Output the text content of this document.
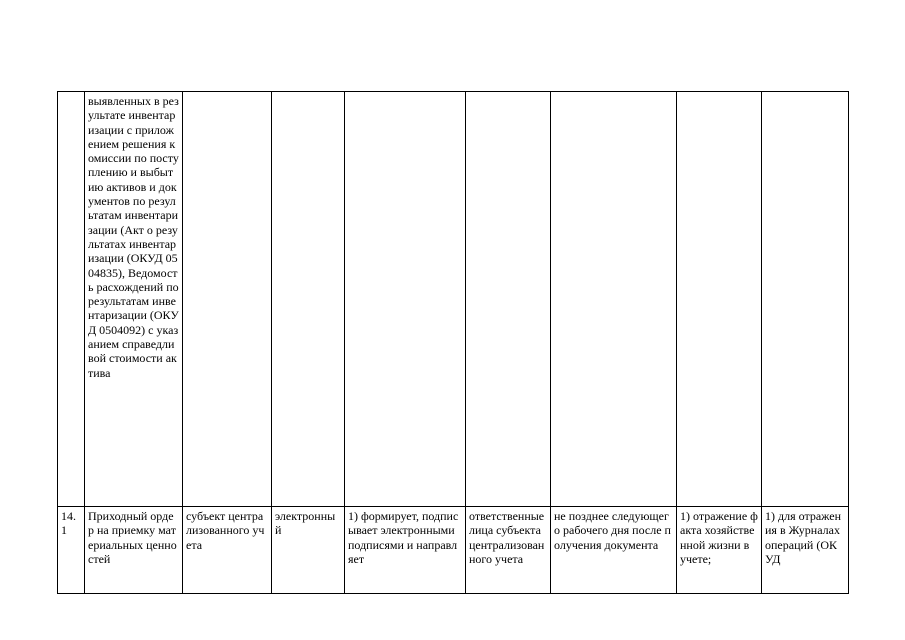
	выявленных в результате инвентаризации с приложением решения комиссии по поступлению и выбытию активов и документов по результатам инвентаризации (Акт о результатах инвентаризации (ОКУД 0504835), Ведомость расхождений по результатам инвентаризации (ОКУД 0504092) с указанием справедливой стоимости актива							
14. 1	Приходный ордер на приемку материальных ценностей	субъект централизованного учета	электронный	1) формирует, подписывает электронными подписями и направляет	ответственные лица субъекта централизованного учета	не позднее следующего рабочего дня после получения документа	1) отражение факта хозяйственной жизни в учете;	1) для отражения в Журналах операций (ОКУД
